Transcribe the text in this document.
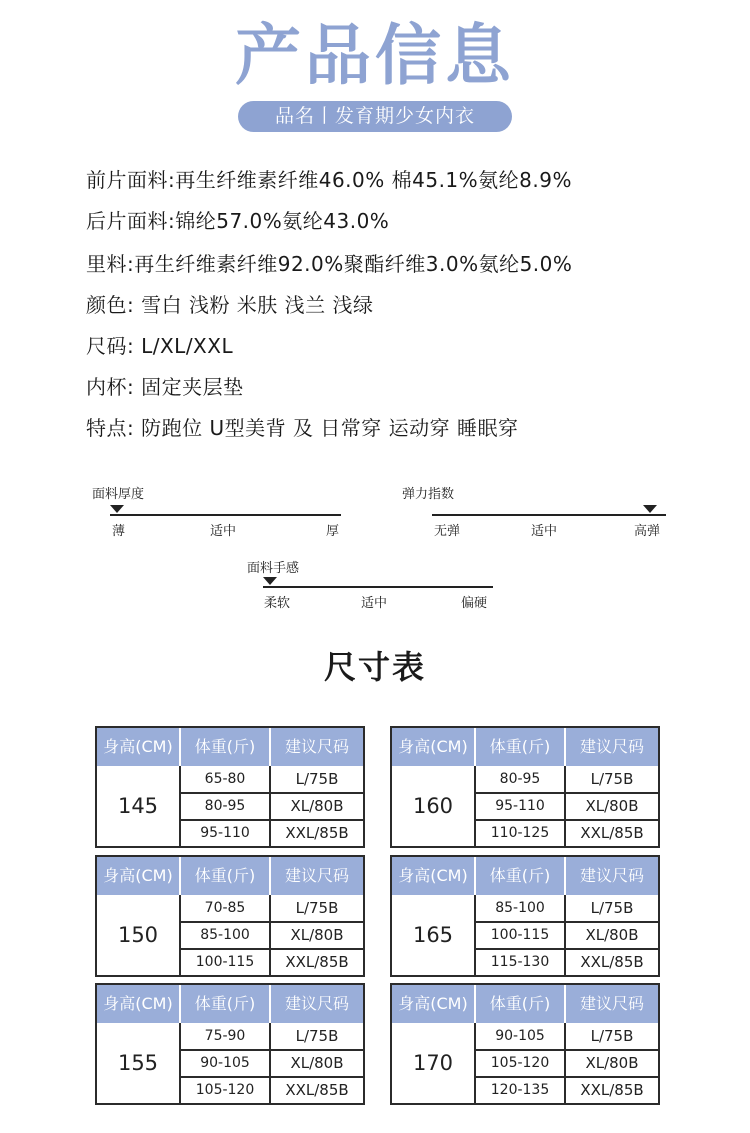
产品信息
品名丨发育期少女内衣
前片面料:再生纤维素纤维46.0% 棉45.1%氨纶8.9%
后片面料:锦纶57.0%氨纶43.0%
里料:再生纤维素纤维92.0%聚酯纤维3.0%氨纶5.0%
颜色: 雪白 浅粉 米肤 浅兰 浅绿
尺码: L/XL/XXL
内杯: 固定夹层垫
特点: 防跑位 U型美背 及 日常穿 运动穿 睡眠穿
面料厚度
薄	适中	厚
弹力指数
无弹	适中	高弹
面料手感
柔软	适中	偏硬
尺寸表
身高(CM)	体重(斤)	建议尺码
145
65-80	L/75B
80-95	XL/80B
95-110	XXL/85B
身高(CM)	体重(斤)	建议尺码
160
80-95	L/75B
95-110	XL/80B
110-125	XXL/85B
身高(CM)	体重(斤)	建议尺码
150
70-85	L/75B
85-100	XL/80B
100-115	XXL/85B
身高(CM)	体重(斤)	建议尺码
165
85-100	L/75B
100-115	XL/80B
115-130	XXL/85B
身高(CM)	体重(斤)	建议尺码
155
75-90	L/75B
90-105	XL/80B
105-120	XXL/85B
身高(CM)	体重(斤)	建议尺码
170
90-105	L/75B
105-120	XL/80B
120-135	XXL/85B
